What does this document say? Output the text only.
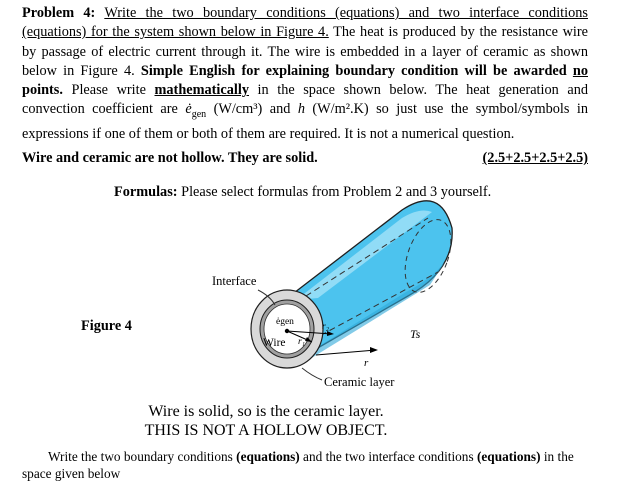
Problem 4: Write the two boundary conditions (equations) and two interface conditions (equations) for the system shown below in Figure 4. The heat is produced by the resistance wire by passage of electric current through it. The wire is embedded in a layer of ceramic as shown below in Figure 4. Simple English for explaining boundary condition will be awarded no points. Please write mathematically in the space shown below. The heat generation and convection coefficient are $ė_{gen}$ (W/cm³) and h (W/m².K) so just use the symbol/symbols in expressions if one of them or both of them are required. It is not a numerical question.

Wire and ceramic are not hollow. They are solid.	(2.5+2.5+2.5+2.5)
Formulas: Please select formulas from Problem 2 and 3 yourself.
Figure 4
Interface
ėgen
Wire r₁
r₂
r
Ts
Ceramic layer
Wire is solid, so is the ceramic layer.
THIS IS NOT A HOLLOW OBJECT.
Write the two boundary conditions (equations) and the two interface conditions (equations) in the space given below
